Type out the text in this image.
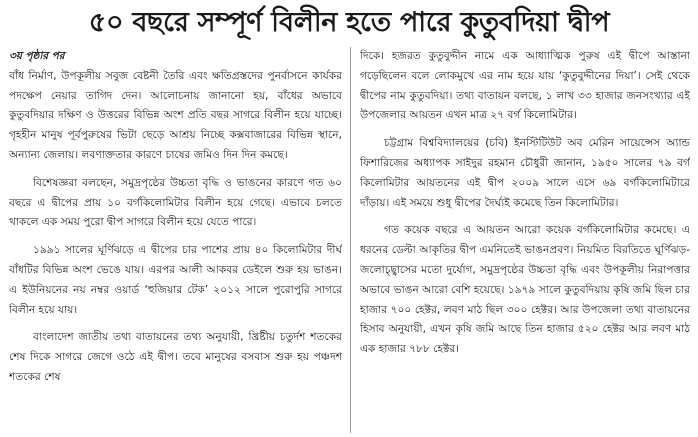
৫০ বছরে সম্পূর্ণ বিলীন হতে পারে কুতুবদিয়া দ্বীপ
৩য় পৃষ্ঠার পর

বাঁধ নির্মাণ, উপকূলীয় সবুজ বেষ্টনী তৈরি এবং ক্ষতিগ্রস্তদের পুনর্বাসনে কার্যকর পদক্ষেপ নেয়ার তাগিদ দেন। আলোচনায় জানানো হয়, বাঁধের অভাবে কুতুবদিয়ার দক্ষিণ ও উত্তরের বিভিন্ন অংশ প্রতি বছর সাগরে বিলীন হয়ে যাচ্ছে। গৃহহীন মানুষ পূর্বপুরুষের ভিটা ছেড়ে আশ্রয় নিচ্ছে কক্সবাজারের বিভিন্ন স্থানে, অন্যান্য জেলায়। লবণাক্ততার কারণে চাষের জমিও দিন দিন কমছে।

বিশেষজ্ঞরা বলছেন, সমুদ্রপৃষ্ঠের উচ্চতা বৃদ্ধি ও ভাঙনের কারণে গত ৬০ বছরে এ দ্বীপের প্রায় ১০ বর্গকিলোমিটার বিলীন হয়ে গেছে। এভাবে চলতে থাকলে এক সময় পুরো দ্বীপ সাগরে বিলীন হয়ে যেতে পারে।

১৯৯১ সালের ঘূর্ণিঝড়ে এ দ্বীপের চার পাশের প্রায় ৪০ কিলোমিটার দীর্ঘ বাঁধটির বিভিন্ন অংশ ভেঙে যায়। এরপর আলী আকবর ডেইলে শুরু হয় ভাঙন। এ ইউনিয়নের নয় নম্বর ওয়ার্ড ‘হুজিয়ার টেক’ ২০১২ সালে পুরোপুরি সাগরে বিলীন হয়ে যায়।

বাংলাদেশ জাতীয় তথ্য বাতায়নের তথ্য অনুযায়ী, খ্রিষ্টীয় চতুর্দশ শতকের শেষ দিকে সাগরে জেগে ওঠে এই দ্বীপ। তবে মানুষের বসবাস শুরু হয় পঞ্চদশ শতকের শেষ

দিকে। হজরত কুতুবুদ্দীন নামে এক আধ্যাত্মিক পুরুষ এই দ্বীপে আস্তানা গড়েছিলেন বলে লোকমুখে এর নাম হয়ে যায় ‘কুতুবুদ্দীনের দিয়া’। সেই থেকে দ্বীপের নাম কুতুবদিয়া। তথ্য বাতায়ন বলছে, ১ লাখ ৩৩ হাজার জনসংখ্যার এই উপজেলার আয়তন এখন মাত্র ২৭ বর্গ কিলোমিটার।

চট্টগ্রাম বিশ্ববিদ্যালয়ের (চবি) ইনস্টিটিউট অব মেরিন সায়েন্সেস অ্যান্ড ফিশারিজের অধ্যাপক সাইদুর রহমান চৌধুরী জানান, ১৯৫০ সালের ৭৯ বর্গ কিলোমিটার আয়তনের এই দ্বীপ ২০০৯ সালে এসে ৬৯ বর্গকিলোমিটারে দাঁড়ায়। এই সময়ে শুধু দ্বীপের দৈর্ঘ্যই কমেছে তিন কিলোমিটার।

গত কয়েক বছরে এ আয়তন আরো কয়েক বর্গকিলোমিটার কমেছে। এ ধরনের ডেল্টা আকৃতির দ্বীপ এমনিতেই ভাঙনপ্রবণ। নিয়মিত বিরতিতে ঘূর্ণিঝড়-জলোচ্ছ্বাসের মতো দুর্যোগ, সমুদ্রপৃষ্ঠের উচ্চতা বৃদ্ধি এবং উপকূলীয় নিরাপত্তার অভাবে ভাঙন আরো বেশি হয়েছে। ১৯৭৯ সালে কুতুবদিয়ায় কৃষি জমি ছিল চার হাজার ৭০০ হেক্টর, লবণ মাঠ ছিল ৩০০ হেক্টর। আর উপজেলা তথ্য বাতায়নের হিসাব অনুযায়ী, এখন কৃষি জমি আছে তিন হাজার ৫২০ হেক্টর আর লবণ মাঠ এক হাজার ৭৮৮ হেক্টর।
